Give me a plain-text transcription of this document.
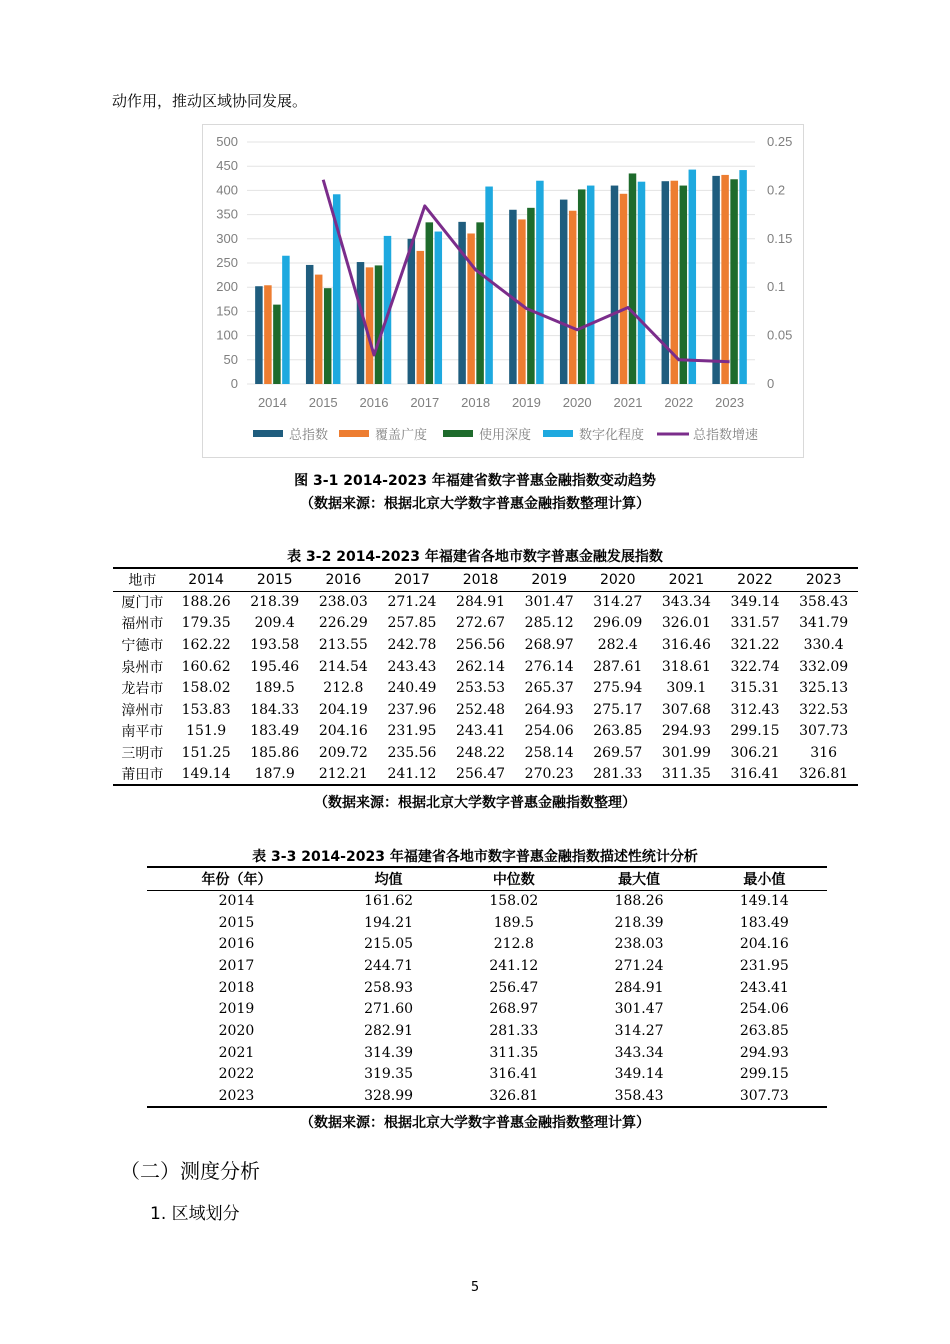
动作用，推动区域协同发展。
0
50
100
150
200
250
300
350
400
450
500
0
0.05
0.1
0.15
0.2
0.25
2014 2015 2016 2017 2018 2019 2020 2021 2022 2023
总指数	覆盖广度	使用深度	数字化程度	总指数增速
图 3-1 2014-2023 年福建省数字普惠金融指数变动趋势
（数据来源：根据北京大学数字普惠金融指数整理计算）
表 3-2 2014-2023 年福建省各地市数字普惠金融发展指数
地市	2014	2015	2016	2017	2018	2019	2020	2021	2022	2023
厦门市	188.26	218.39	238.03	271.24	284.91	301.47	314.27	343.34	349.14	358.43
福州市	179.35	209.4	226.29	257.85	272.67	285.12	296.09	326.01	331.57	341.79
宁德市	162.22	193.58	213.55	242.78	256.56	268.97	282.4	316.46	321.22	330.4
泉州市	160.62	195.46	214.54	243.43	262.14	276.14	287.61	318.61	322.74	332.09
龙岩市	158.02	189.5	212.8	240.49	253.53	265.37	275.94	309.1	315.31	325.13
漳州市	153.83	184.33	204.19	237.96	252.48	264.93	275.17	307.68	312.43	322.53
南平市	151.9	183.49	204.16	231.95	243.41	254.06	263.85	294.93	299.15	307.73
三明市	151.25	185.86	209.72	235.56	248.22	258.14	269.57	301.99	306.21	316
莆田市	149.14	187.9	212.21	241.12	256.47	270.23	281.33	311.35	316.41	326.81
（数据来源：根据北京大学数字普惠金融指数整理）
表 3-3 2014-2023 年福建省各地市数字普惠金融指数描述性统计分析
年份（年）	均值	中位数	最大值	最小值
2014	161.62	158.02	188.26	149.14
2015	194.21	189.5	218.39	183.49
2016	215.05	212.8	238.03	204.16
2017	244.71	241.12	271.24	231.95
2018	258.93	256.47	284.91	243.41
2019	271.60	268.97	301.47	254.06
2020	282.91	281.33	314.27	263.85
2021	314.39	311.35	343.34	294.93
2022	319.35	316.41	349.14	299.15
2023	328.99	326.81	358.43	307.73
（数据来源：根据北京大学数字普惠金融指数整理计算）
（二）测度分析
1. 区域划分
5
